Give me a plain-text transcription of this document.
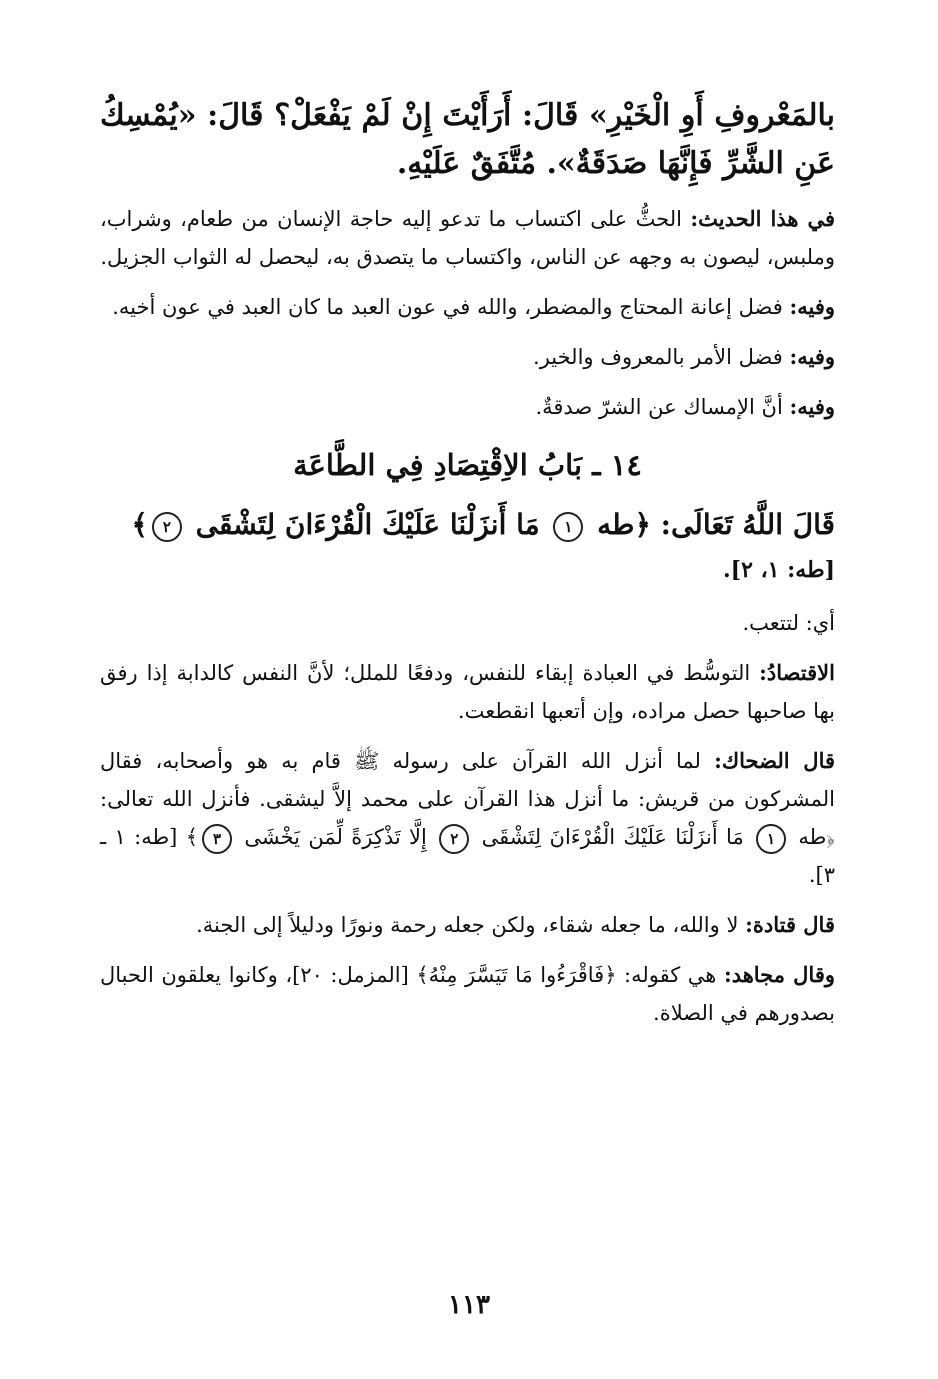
بالمَعْروفِ أَوِ الْخَيْرِ» قَالَ: أَرَأَيْتَ إِنْ لَمْ يَفْعَلْ؟ قَالَ: «يُمْسِكُ عَنِ الشَّرِّ فَإِنَّهَا صَدَقَةٌ». مُتَّفَقٌ عَلَيْهِ.

في هذا الحديث: الحثُّ على اكتساب ما تدعو إليه حاجة الإنسان من طعام، وشراب، وملبس، ليصون به وجهه عن الناس، واكتساب ما يتصدق به، ليحصل له الثواب الجزيل.

وفيه: فضل إعانة المحتاج والمضطر، والله في عون العبد ما كان العبد في عون أخيه.

وفيه: فضل الأمر بالمعروف والخير.

وفيه: أنَّ الإمساك عن الشرّ صدقةٌ.

١٤ ـ بَابُ الاِقْتِصَادِ فِي الطَّاعَة
قَالَ اللَّهُ تَعَالَى: ﴿طه ١ مَا أَنزَلْنَا عَلَيْكَ الْقُرْءَانَ لِتَشْقَى ٢﴾
[طه: ١، ٢].

أي: لتتعب.

الاقتصادُ: التوسُّط في العبادة إبقاء للنفس، ودفعًا للملل؛ لأنَّ النفس كالدابة إذا رفق بها صاحبها حصل مراده، وإن أتعبها انقطعت.

قال الضحاك: لما أنزل الله القرآن على رسوله ﷺ قام به هو وأصحابه، فقال المشركون من قريش: ما أنزل هذا القرآن على محمد إلاَّ ليشقى. فأنزل الله تعالى: ﴿طه ١ مَا أَنزَلْنَا عَلَيْكَ الْقُرْءَانَ لِتَشْقَى ٢ إِلَّا تَذْكِرَةً لِّمَن يَخْشَى ٣﴾ [طه: ١ ـ ٣].

قال قتادة: لا والله، ما جعله شقاء، ولكن جعله رحمة ونورًا ودليلاً إلى الجنة.

وقال مجاهد: هي كقوله: ﴿فَاقْرَءُوا مَا تَيَسَّرَ مِنْهُ﴾ [المزمل: ٢٠]، وكانوا يعلقون الحبال بصدورهم في الصلاة.

١١٣
